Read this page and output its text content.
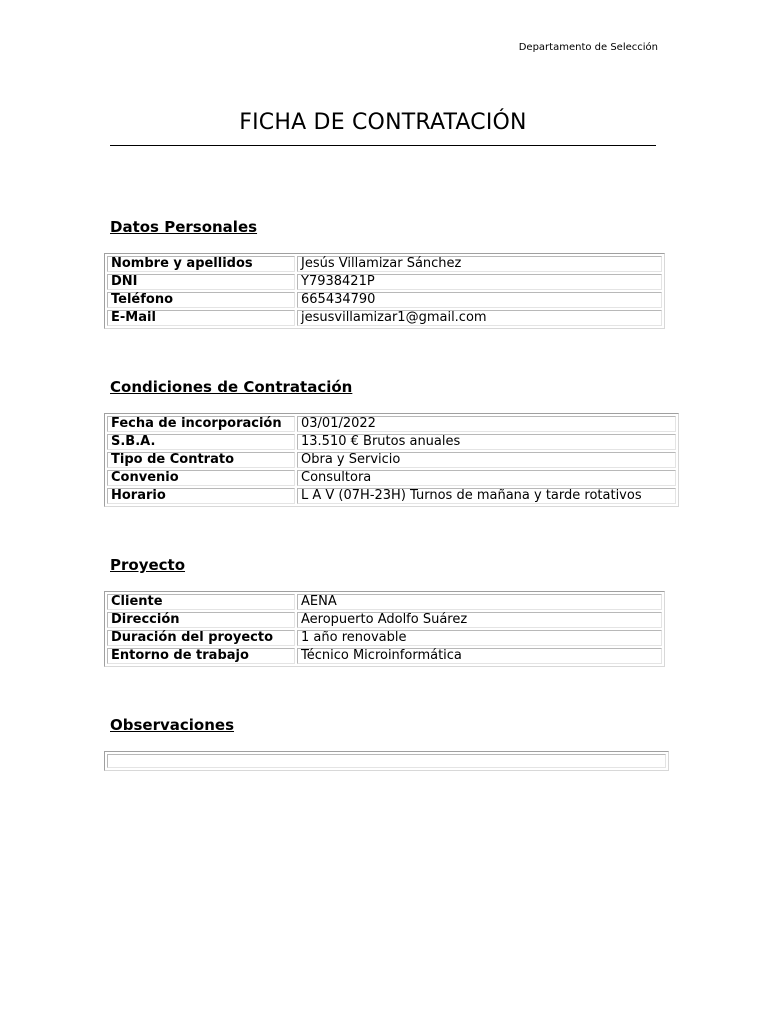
Departamento de Selección
FICHA DE CONTRATACIÓN
Datos Personales
Nombre y apellidos	Jesús Villamizar Sánchez
DNI	Y7938421P
Teléfono	665434790
E-Mail	jesusvillamizar1@gmail.com
Condiciones de Contratación
Fecha de incorporación	03/01/2022
S.B.A.	13.510 € Brutos anuales
Tipo de Contrato	Obra y Servicio
Convenio	Consultora
Horario	L A V (07H-23H) Turnos de mañana y tarde rotativos
Proyecto
Cliente	AENA
Dirección	Aeropuerto Adolfo Suárez
Duración del proyecto	1 año renovable
Entorno de trabajo	Técnico Microinformática
Observaciones
